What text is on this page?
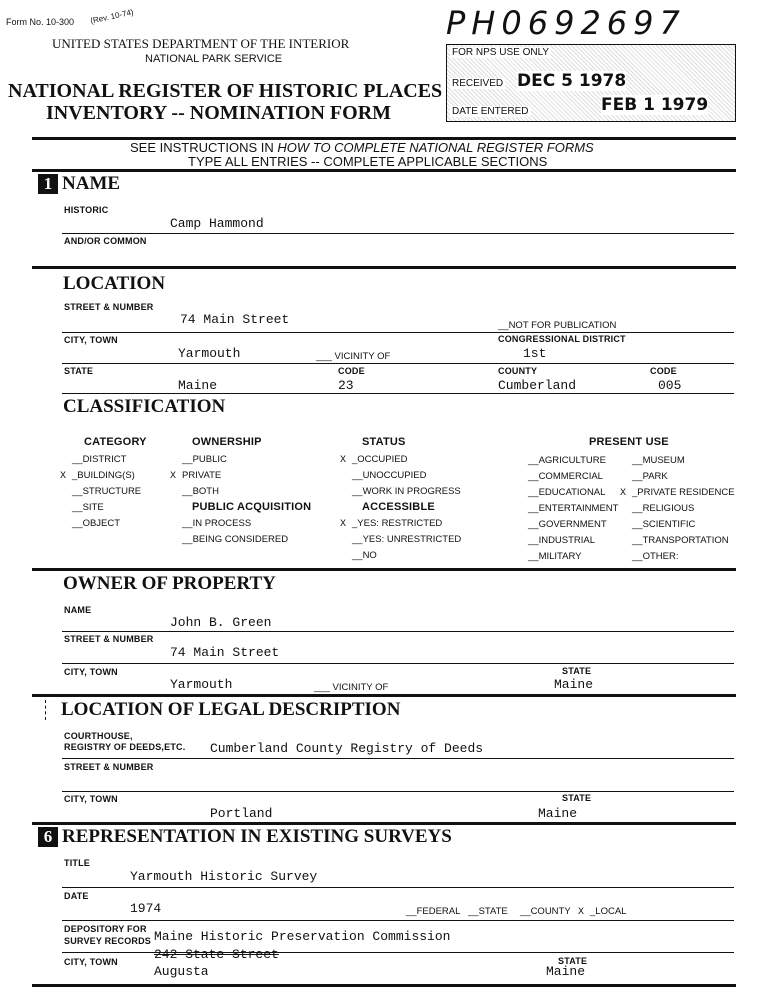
Form No. 10-300 (Rev. 10-74)
UNITED STATES DEPARTMENT OF THE INTERIOR
NATIONAL PARK SERVICE
NATIONAL REGISTER OF HISTORIC PLACES
INVENTORY -- NOMINATION FORM
PH0692697
FOR NPS USE ONLY
RECEIVED DEC 5 1978
DATE ENTERED	FEB 1 1979
SEE INSTRUCTIONS IN HOW TO COMPLETE NATIONAL REGISTER FORMS
TYPE ALL ENTRIES -- COMPLETE APPLICABLE SECTIONS
1 NAME
HISTORIC
Camp Hammond
AND/OR COMMON
LOCATION
STREET & NUMBER
74 Main Street	__NOT FOR PUBLICATION
CITY, TOWN	CONGRESSIONAL DISTRICT
Yarmouth	___ VICINITY OF	1st
STATE	CODE	COUNTY	CODE
Maine	23	Cumberland	005
CLASSIFICATION
CATEGORY
__DISTRICT
X _BUILDING(S)
__STRUCTURE
__SITE
__OBJECT
OWNERSHIP
__PUBLIC
X PRIVATE
__BOTH
PUBLIC ACQUISITION
__IN PROCESS
__BEING CONSIDERED
STATUS
X _OCCUPIED
__UNOCCUPIED
__WORK IN PROGRESS
ACCESSIBLE
X _YES: RESTRICTED
__YES: UNRESTRICTED
__NO
PRESENT USE
__AGRICULTURE
__COMMERCIAL
__EDUCATIONAL
__ENTERTAINMENT
__GOVERNMENT
__INDUSTRIAL
__MILITARY
__MUSEUM
__PARK
X _PRIVATE RESIDENCE
__RELIGIOUS
__SCIENTIFIC
__TRANSPORTATION
__OTHER:
OWNER OF PROPERTY
NAME
John B. Green
STREET & NUMBER
74 Main Street
CITY, TOWN	STATE
Yarmouth	___ VICINITY OF	Maine
LOCATION OF LEGAL DESCRIPTION
COURTHOUSE,
REGISTRY OF DEEDS,ETC. Cumberland County Registry of Deeds
STREET & NUMBER
CITY, TOWN	STATE
Portland	Maine
6 REPRESENTATION IN EXISTING SURVEYS
TITLE
Yarmouth Historic Survey
DATE
1974	__FEDERAL __STATE __COUNTY X _LOCAL
DEPOSITORY FOR
SURVEY RECORDS Maine Historic Preservation Commission
242 State Street
CITY, TOWN	STATE
Augusta	Maine
